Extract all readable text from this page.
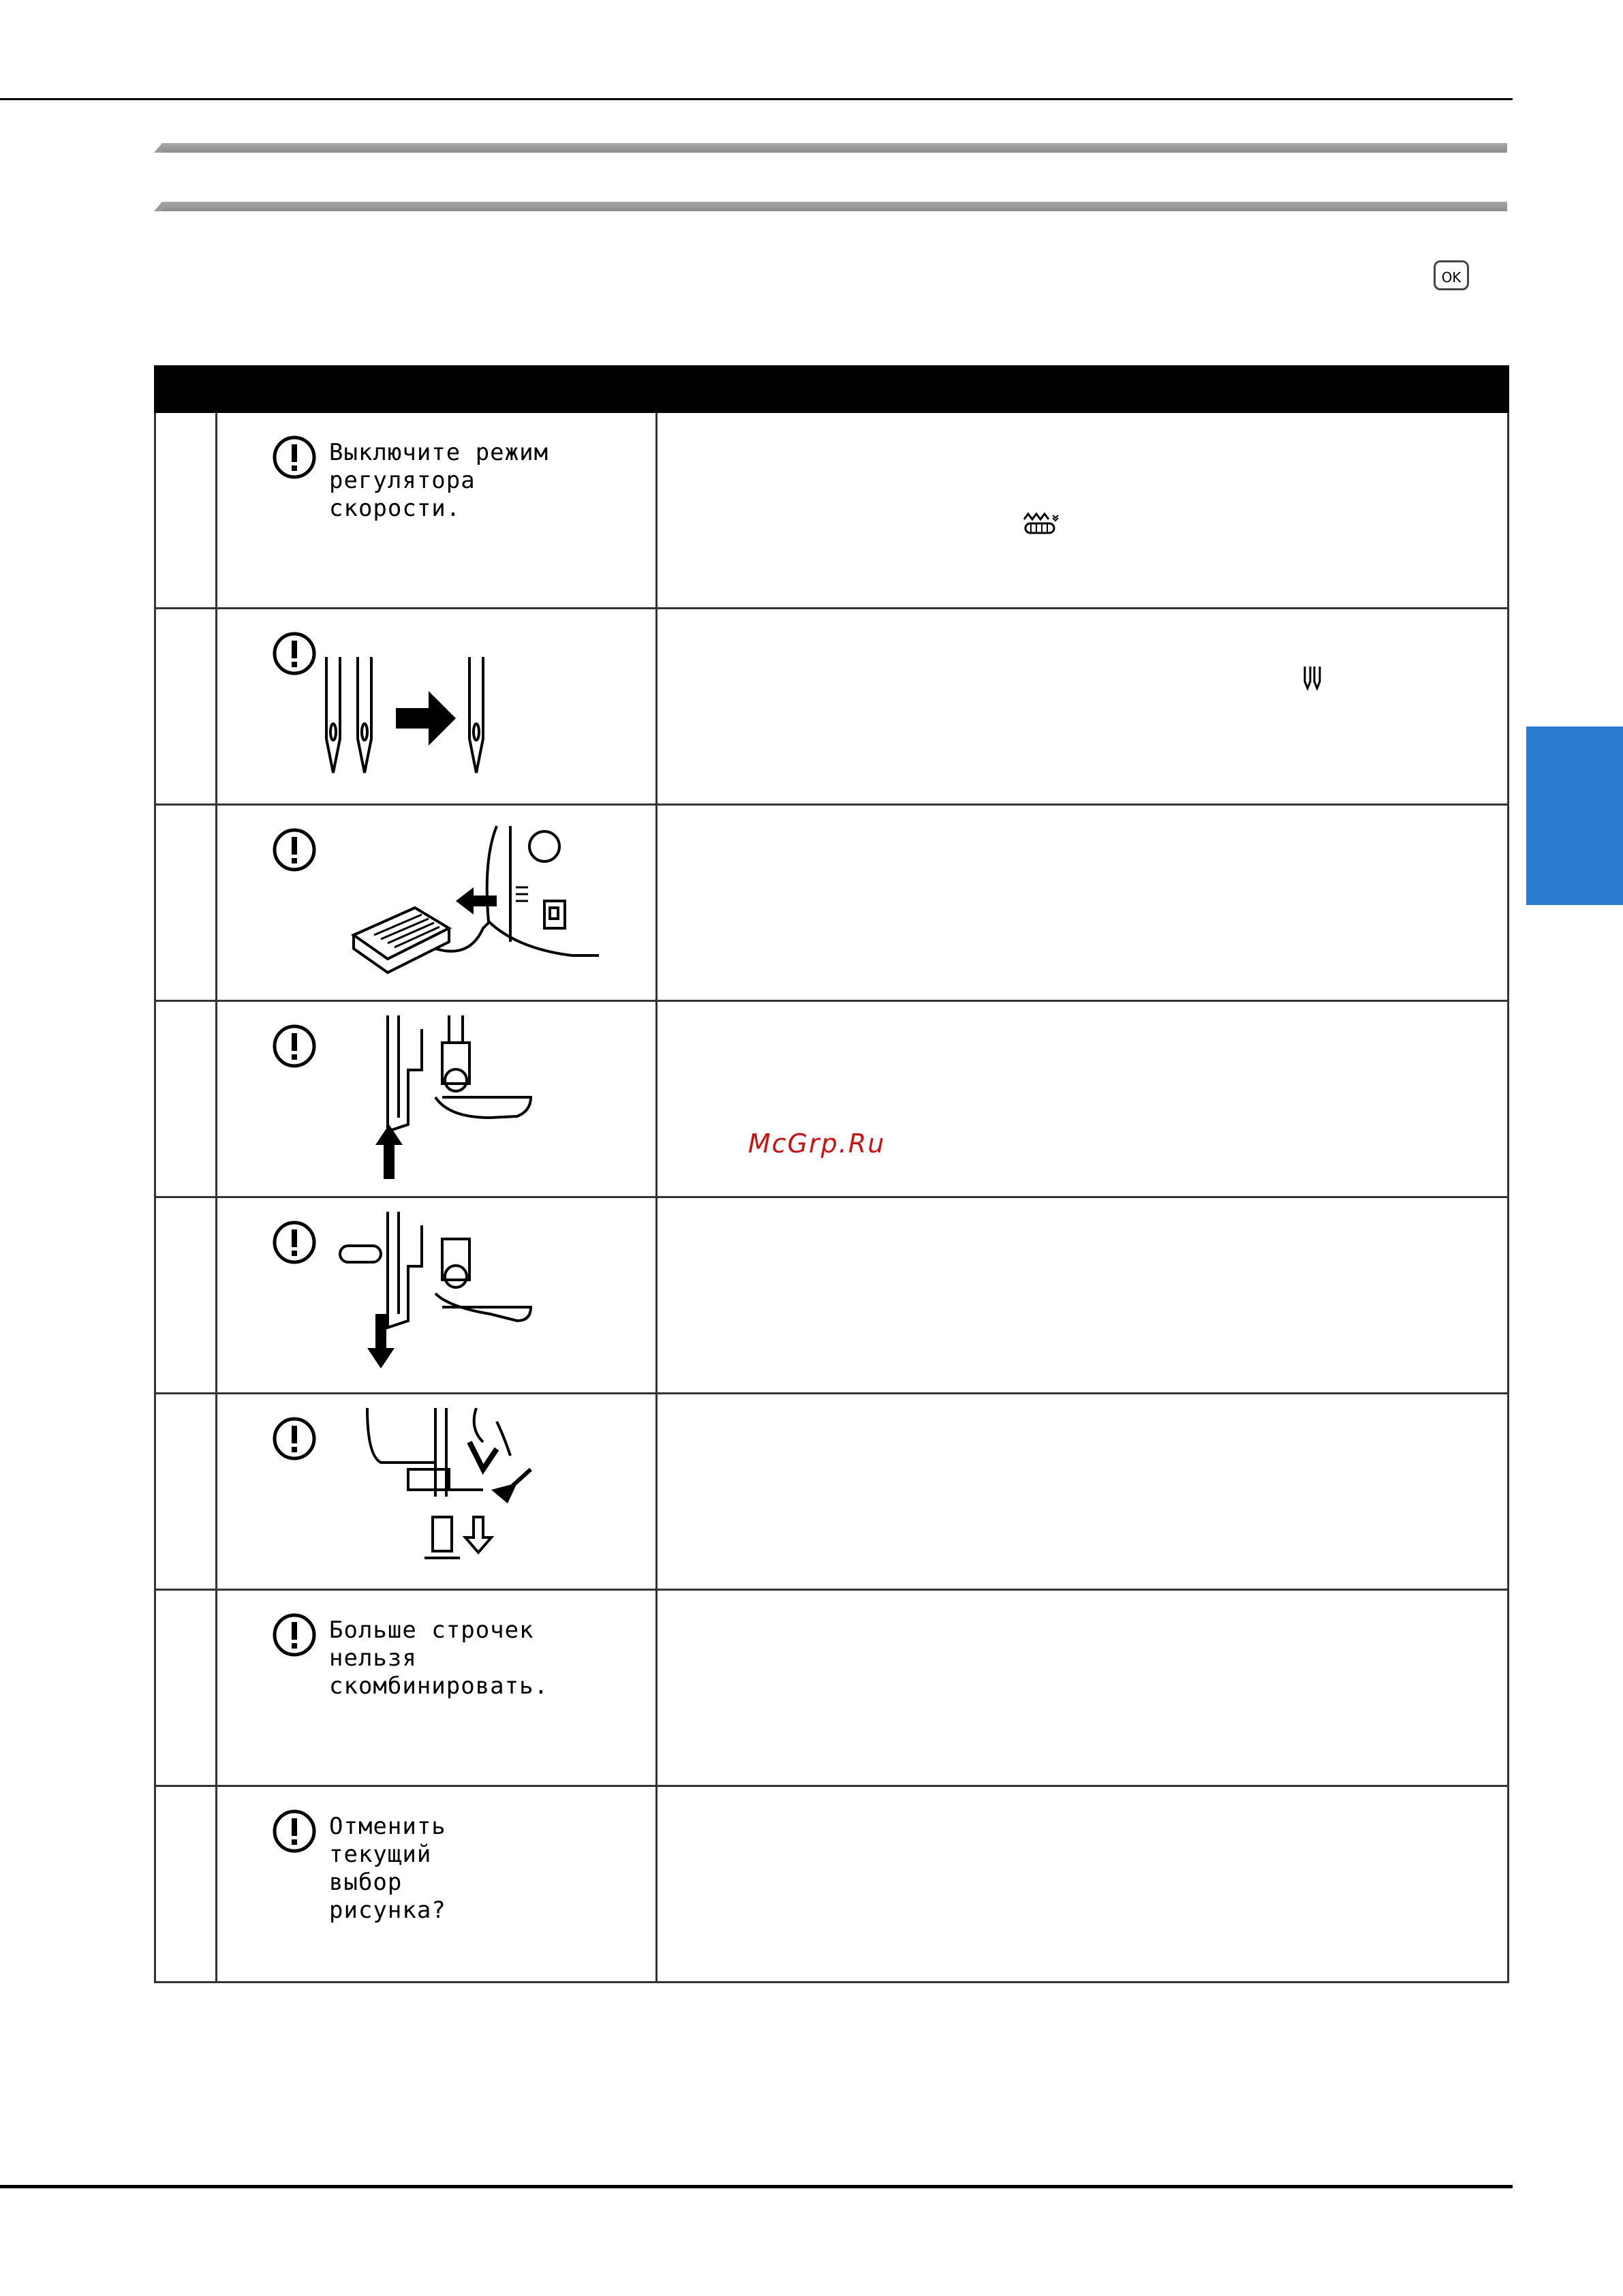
OK

	Выключите режим
регулятора
скорости.

	Больше строчек
нельзя
скомбинировать.	

	Отменить
текущий
выбор
рисунка?	

McGrp.Ru
